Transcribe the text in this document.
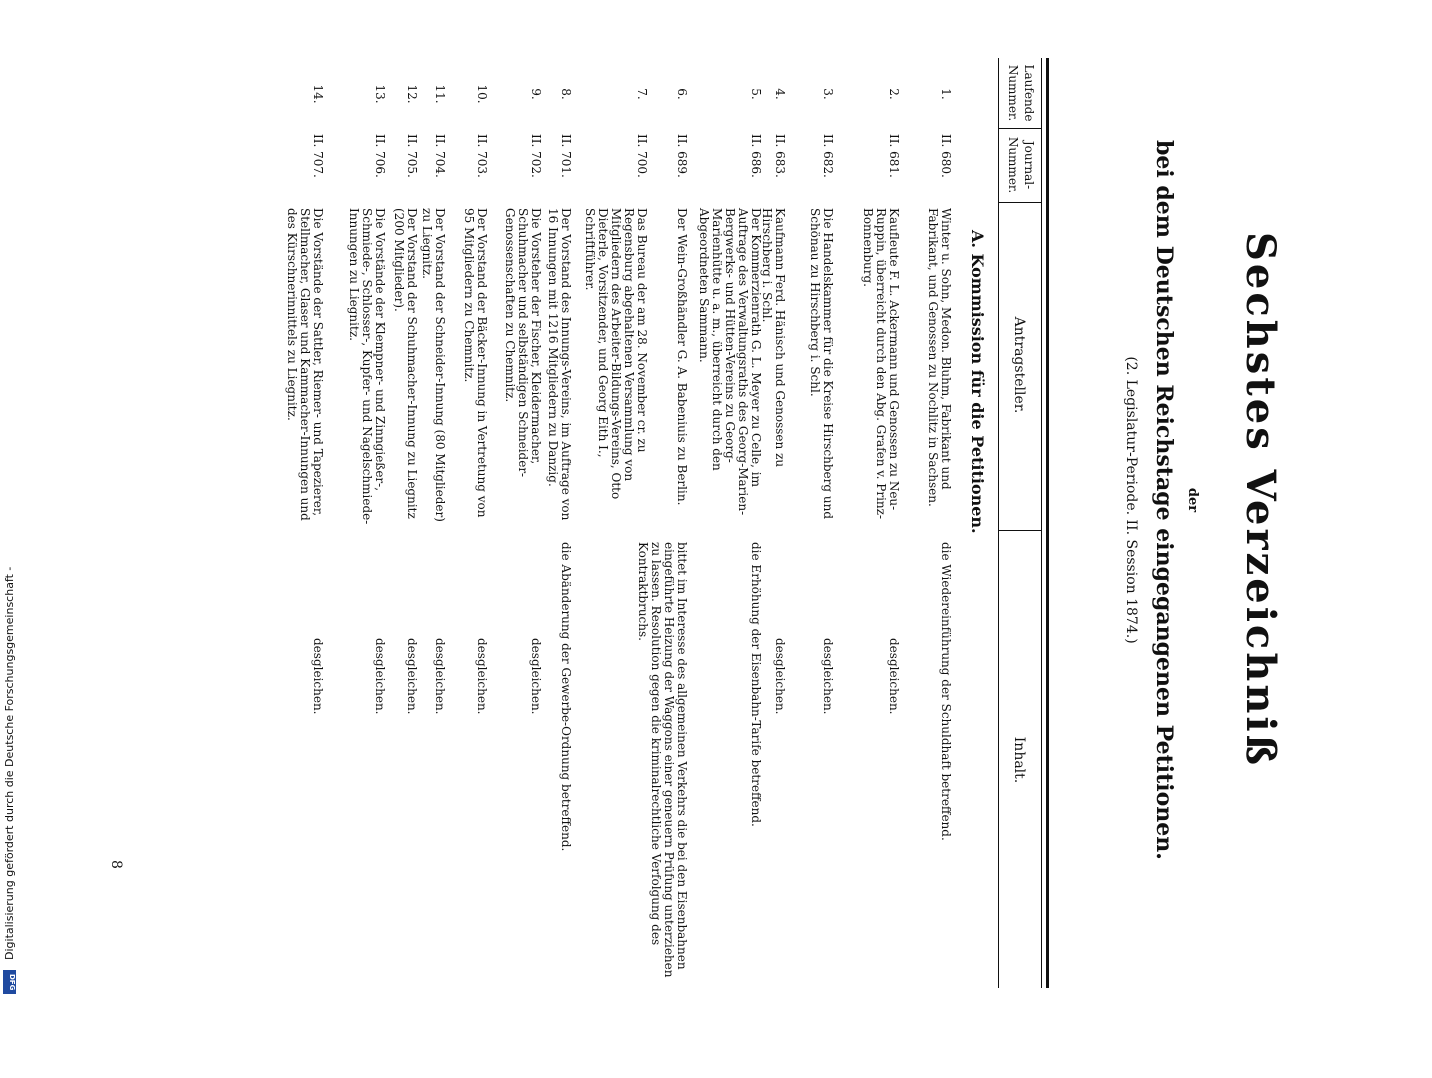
Sechstes Verzeichniß
der
bei dem Deutschen Reichstage eingegangenen Petitionen.
(2. Legislatur-Periode. II. Session 1874.)
Laufende Nummer.
Journal-Nummer.
Antragsteller.
Inhalt.
A. Kommission für die Petitionen.
1.
II. 680.
Winter u. Sohn, Medon. Bluhm, Fabrikant und Fabrikant, und Genossen zu Nochlitz in Sachsen.
die Wiedereinführung der Schuldhaft betreffend.
2.
II. 681.
Kaufleute F. L. Ackermann und Genossen zu Neu-Ruppin, überreicht durch den Abg. Grafen v. Prinz-Bonnenburg.
desgleichen.
3.
II. 682.
Die Handelskammer für die Kreise Hirschberg und Schönau zu Hirschberg i. Schl.
desgleichen.
4.
II. 683.
Kaufmann Ferd. Hänisch und Genossen zu Hirschberg i. Schl.
desgleichen.
5.
II. 686.
Der Kommerzienrath G. L. Meyer zu Celle, im Auftrage des Verwaltungsraths des Georg-Marien-Bergwerks- und Hütten-Vereins zu Georg-Marienhütte u. a. m., überreicht durch den Abgeordneten Sammann.
die Erhöhung der Eisenbahn-Tarife betreffend.
6.
II. 689.
Der Wein-Großhändler G. A. Babeniuis zu Berlin.
bittet im Interesse des allgemeinen Verkehrs die bei den Eisenbahnen eingeführte Heizung der Waggons einer geneuern Prüfung unterziehen zu lassen. Resolution gegen die kriminalrechtliche Verfolgung des Kontraktbruchs.
7.
II. 700.
Das Bureau der am 28. November cr. zu Regensburg abgehaltenen Versammlung von Mitgliedern des Arbeiter-Bildungs-Vereins, Otto Dieterle, Vorsitzender, und Georg Eith I., Schriftführer.
8.
II. 701.
Der Vorstand des Innungs-Vereins, im Auftrage von 16 Innungen mit 1216 Mitgliedern zu Danzig.
die Abänderung der Gewerbe-Ordnung betreffend.
9.
II. 702.
Die Vorsteher der Fischer, Kleidermacher, Schuhmacher und selbständigen Schneider-Genossenschaften zu Chemnitz.
desgleichen.
10.
II. 703.
Der Vorstand der Bäcker-Innung in Vertretung von 95 Mitgliedern zu Chemnitz.
desgleichen.
11.
II. 704.
Der Vorstand der Schneider-Innung (80 Mitglieder) zu Liegnitz.
desgleichen.
12.
II. 705.
Der Vorstand der Schuhmacher-Innung zu Liegnitz (200 Mitglieder).
desgleichen.
13.
II. 706.
Die Vorstände der Klempner- und Zinngießer-, Schmiede-, Schlosser-, Kupfer- und Nagelschmiede-Innungen zu Liegnitz.
desgleichen.
14.
II. 707.
Die Vorstände der Sattler, Riemer- und Tapezierer, Stellmacher, Glaser und Kammacher-Innungen und des Kürschnerinnittels zu Liegnitz.
desgleichen.
8
Digitalisierung gefördert durch die Deutsche Forschungsgemeinschaft -
DFG
